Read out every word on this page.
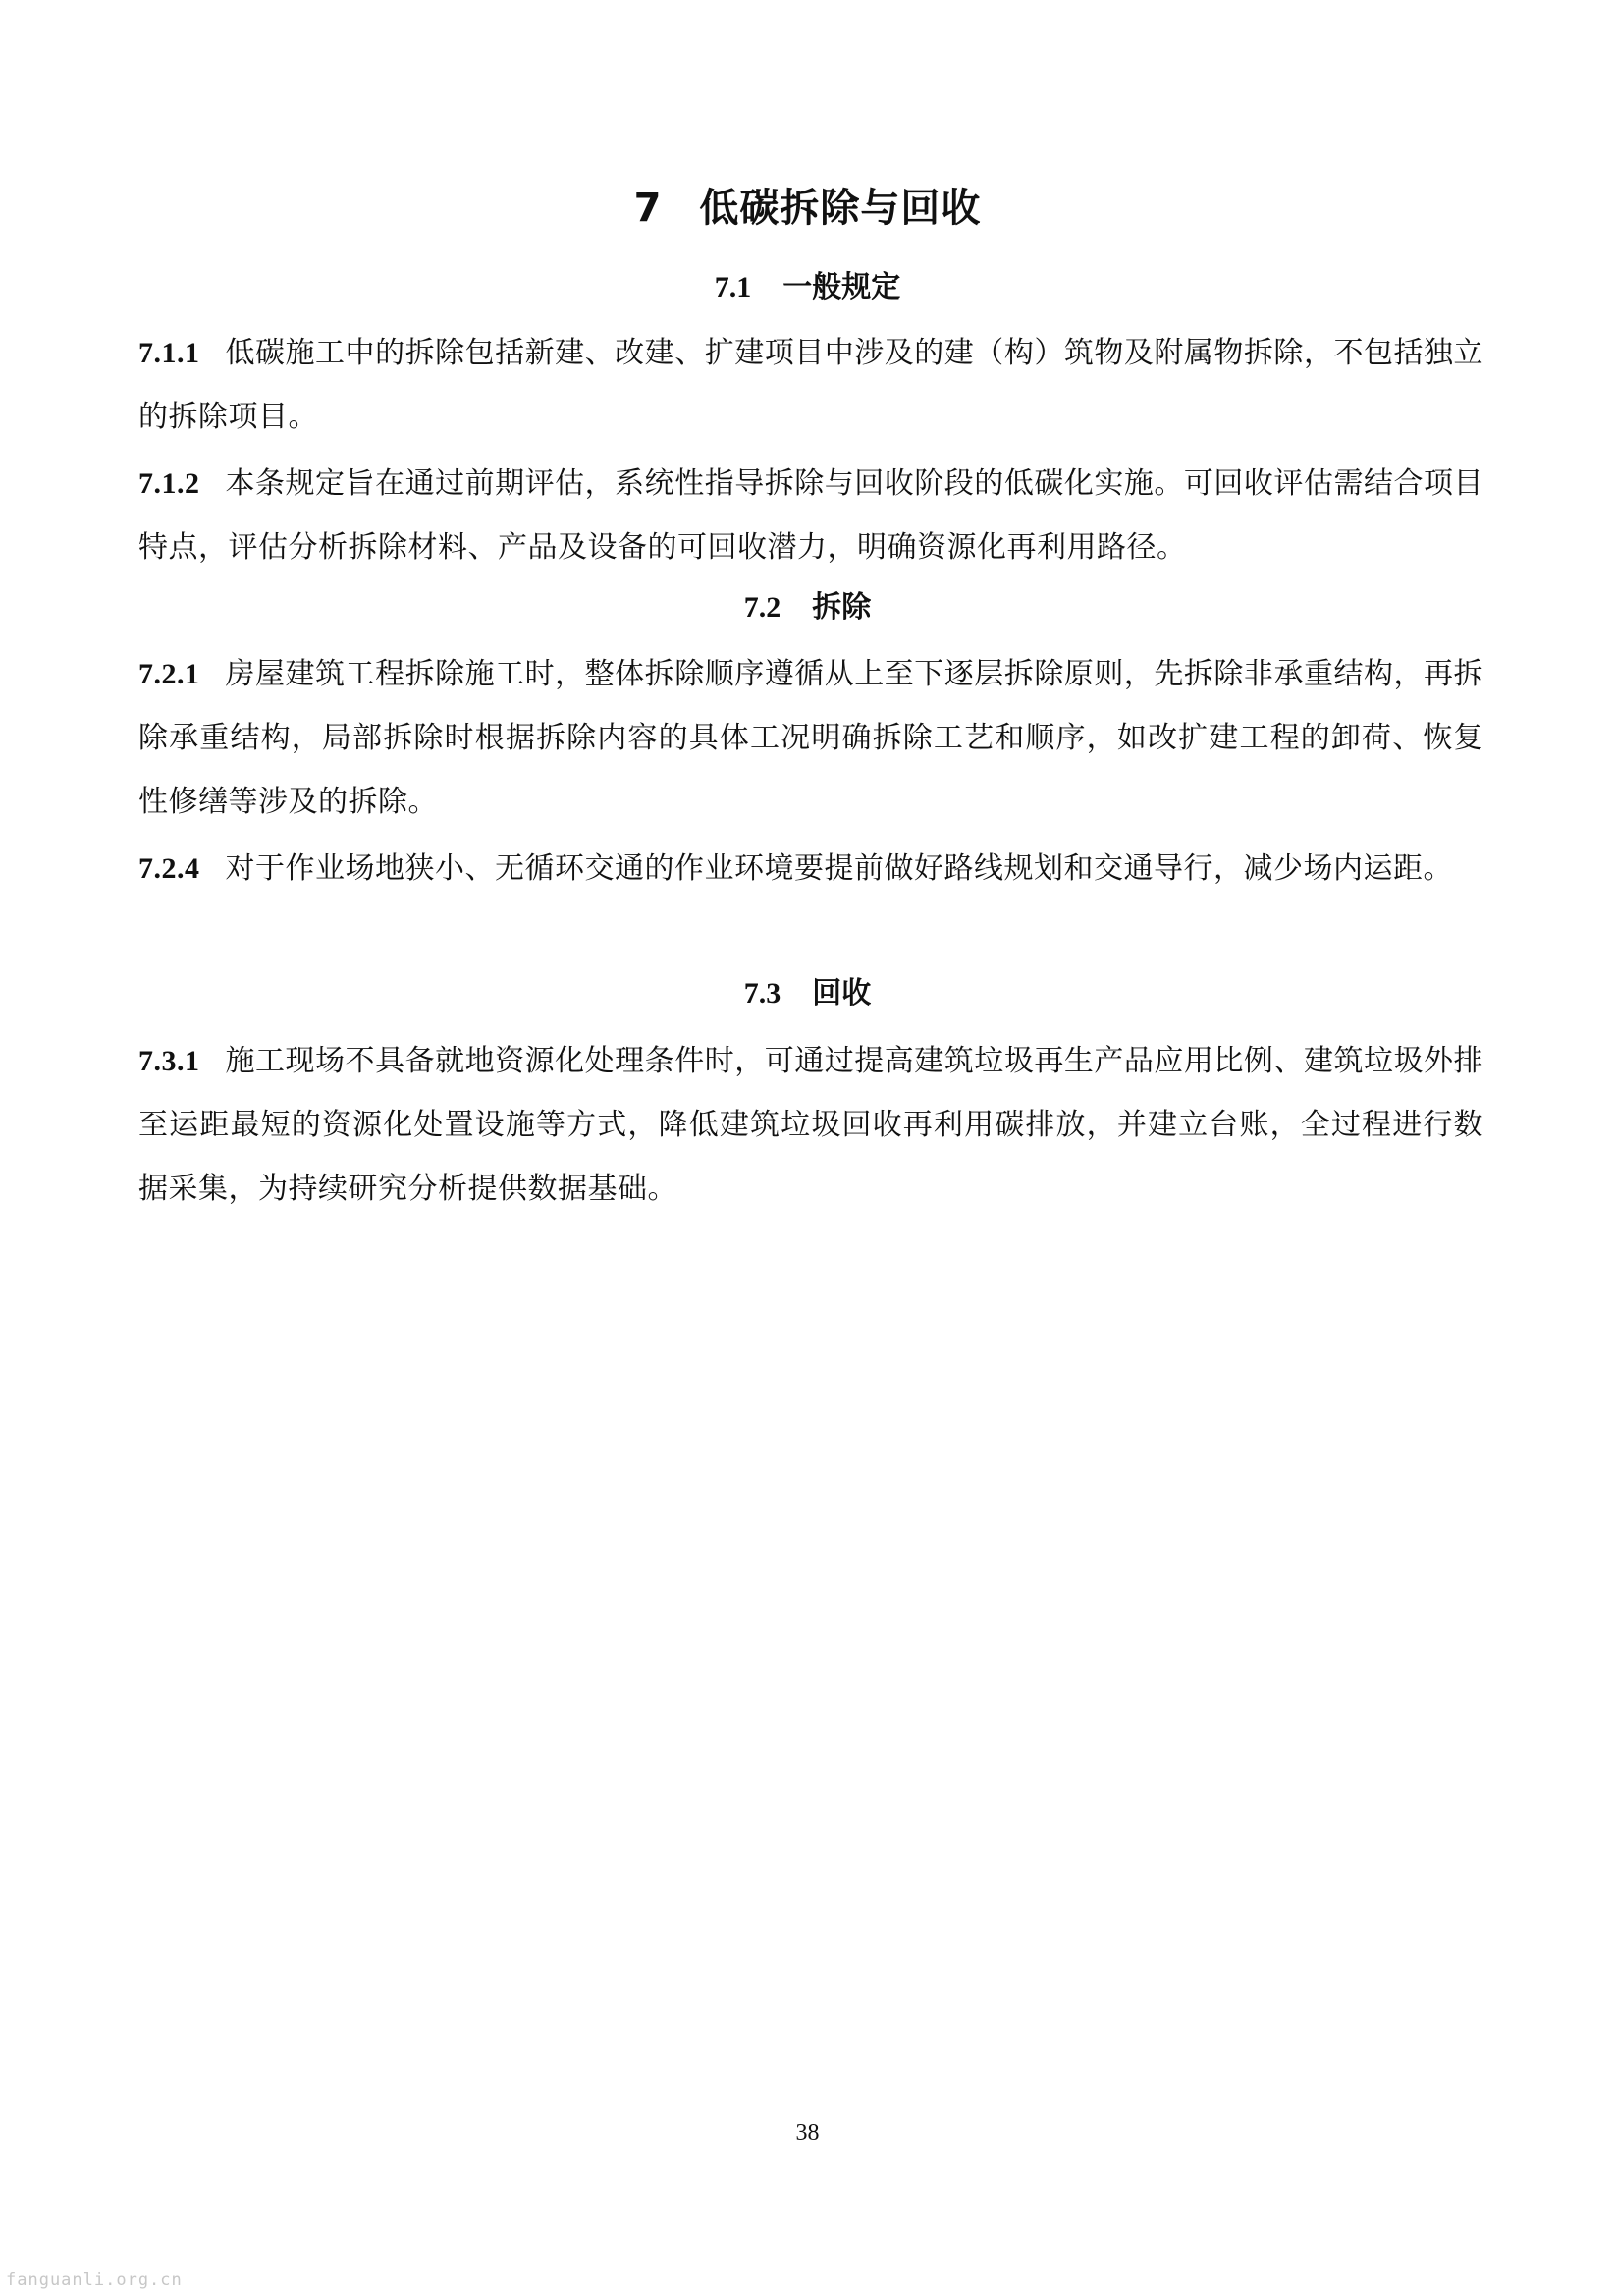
7 低碳拆除与回收
7.1 一般规定
7.1.1 低碳施工中的拆除包括新建、改建、扩建项目中涉及的建（构）筑物及附属物拆除，不包括独立的拆除项目。
7.1.2 本条规定旨在通过前期评估，系统性指导拆除与回收阶段的低碳化实施。可回收评估需结合项目特点，评估分析拆除材料、产品及设备的可回收潜力，明确资源化再利用路径。
7.2 拆除
7.2.1 房屋建筑工程拆除施工时，整体拆除顺序遵循从上至下逐层拆除原则，先拆除非承重结构，再拆除承重结构，局部拆除时根据拆除内容的具体工况明确拆除工艺和顺序，如改扩建工程的卸荷、恢复性修缮等涉及的拆除。
7.2.4 对于作业场地狭小、无循环交通的作业环境要提前做好路线规划和交通导行，减少场内运距。
7.3 回收
7.3.1 施工现场不具备就地资源化处理条件时，可通过提高建筑垃圾再生产品应用比例、建筑垃圾外排至运距最短的资源化处置设施等方式，降低建筑垃圾回收再利用碳排放，并建立台账，全过程进行数据采集，为持续研究分析提供数据基础。
38
fanguanli.org.cn
